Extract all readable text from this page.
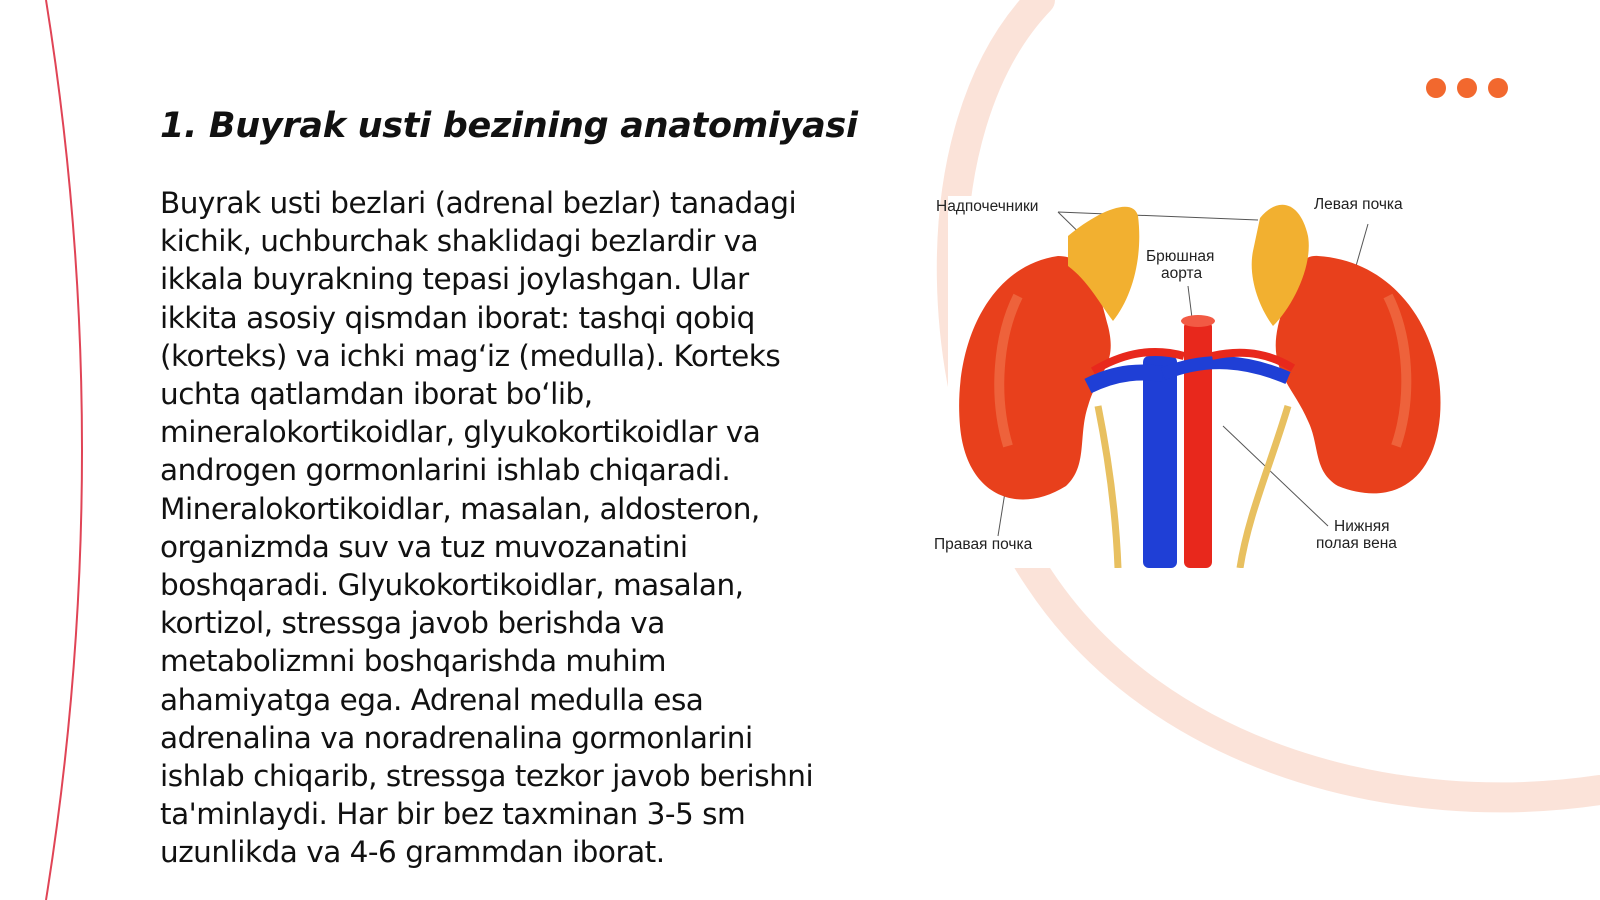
1. Buyrak usti bezining anatomiyasi

Buyrak usti bezlari (adrenal bezlar) tanadagi kichik, uchburchak shaklidagi bezlardir va ikkala buyrakning tepasi joylashgan. Ular ikkita asosiy qismdan iborat: tashqi qobiq (korteks) va ichki mag‘iz (medulla). Korteks uchta qatlamdan iborat bo‘lib, mineralokortikoidlar, glyukokortikoidlar va androgen gormonlarini ishlab chiqaradi. Mineralokortikoidlar, masalan, aldosteron, organizmda suv va tuz muvozanatini boshqaradi. Glyukokortikoidlar, masalan, kortizol, stressga javob berishda va metabolizmni boshqarishda muhim ahamiyatga ega. Adrenal medulla esa adrenalina va noradrenalina gormonlarini ishlab chiqarib, stressga tezkor javob berishni ta'minlaydi. Har bir bez taxminan 3-5 sm uzunlikda va 4-6 grammdan iborat.

Надпочечники	Левая почка
Брюшная
аорта
Правая почка
Нижняя
полая вена
